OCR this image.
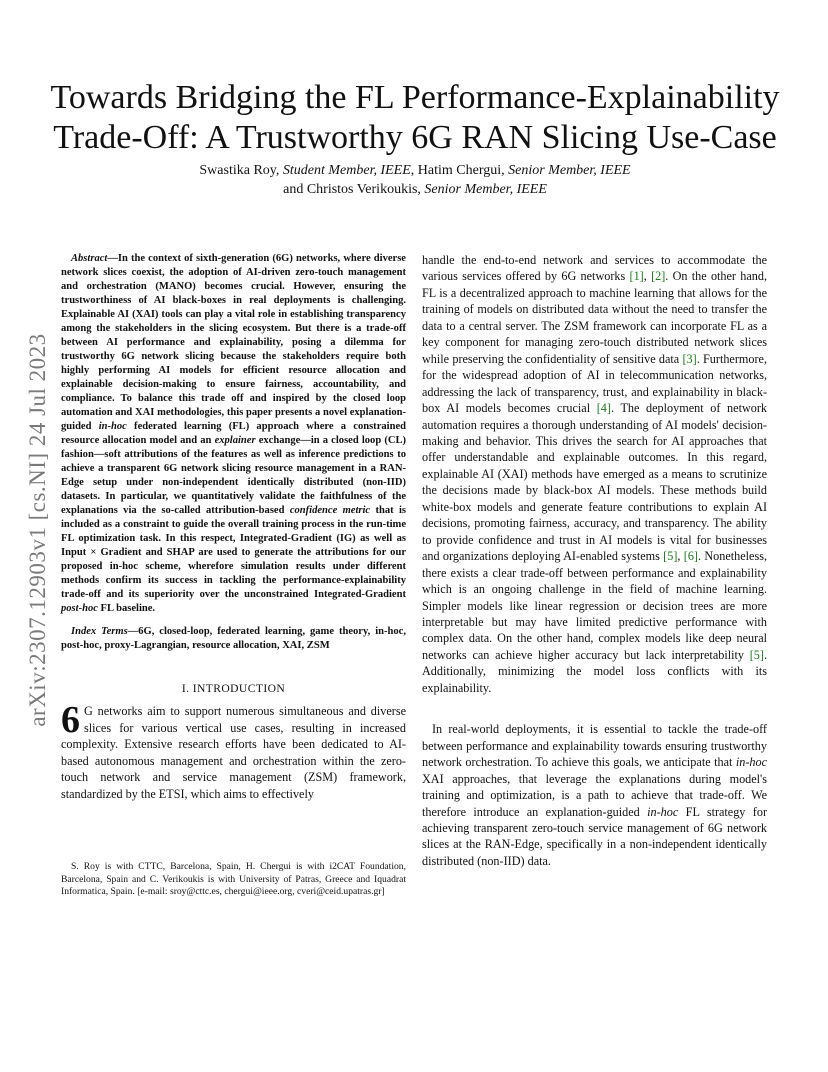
arXiv:2307.12903v1 [cs.NI] 24 Jul 2023
Towards Bridging the FL Performance-Explainability Trade-Off: A Trustworthy 6G RAN Slicing Use-Case
Swastika Roy, Student Member, IEEE, Hatim Chergui, Senior Member, IEEE
and Christos Verikoukis, Senior Member, IEEE

Abstract—In the context of sixth-generation (6G) networks, where diverse network slices coexist, the adoption of AI-driven zero-touch management and orchestration (MANO) becomes crucial. However, ensuring the trustworthiness of AI black-boxes in real deployments is challenging. Explainable AI (XAI) tools can play a vital role in establishing transparency among the stakeholders in the slicing ecosystem. But there is a trade-off between AI performance and explainability, posing a dilemma for trustworthy 6G network slicing because the stakeholders require both highly performing AI models for efficient resource allocation and explainable decision-making to ensure fairness, accountability, and compliance. To balance this trade off and inspired by the closed loop automation and XAI methodologies, this paper presents a novel explanation-guided in-hoc federated learning (FL) approach where a constrained resource allocation model and an explainer exchange—in a closed loop (CL) fashion—soft attributions of the features as well as inference predictions to achieve a transparent 6G network slicing resource management in a RAN-Edge setup under non-independent identically distributed (non-IID) datasets. In particular, we quantitatively validate the faithfulness of the explanations via the so-called attribution-based confidence metric that is included as a constraint to guide the overall training process in the run-time FL optimization task. In this respect, Integrated-Gradient (IG) as well as Input × Gradient and SHAP are used to generate the attributions for our proposed in-hoc scheme, wherefore simulation results under different methods confirm its success in tackling the performance-explainability trade-off and its superiority over the unconstrained Integrated-Gradient post-hoc FL baseline.

Index Terms—6G, closed-loop, federated learning, game theory, in-hoc, post-hoc, proxy-Lagrangian, resource allocation, XAI, ZSM

I. INTRODUCTION

6 G networks aim to support numerous simultaneous and diverse slices for various vertical use cases, resulting in increased complexity. Extensive research efforts have been dedicated to AI-based autonomous management and orchestration within the zero-touch network and service management (ZSM) framework, standardized by the ETSI, which aims to effectively

S. Roy is with CTTC, Barcelona, Spain, H. Chergui is with i2CAT Foundation, Barcelona, Spain and C. Verikoukis is with University of Patras, Greece and Iquadrat Informatica, Spain. [e-mail: sroy@cttc.es, chergui@ieee.org, cveri@ceid.upatras.gr]

handle the end-to-end network and services to accommodate the various services offered by 6G networks [1], [2]. On the other hand, FL is a decentralized approach to machine learning that allows for the training of models on distributed data without the need to transfer the data to a central server. The ZSM framework can incorporate FL as a key component for managing zero-touch distributed network slices while preserving the confidentiality of sensitive data [3]. Furthermore, for the widespread adoption of AI in telecommunication networks, addressing the lack of transparency, trust, and explainability in black-box AI models becomes crucial [4]. The deployment of network automation requires a thorough understanding of AI models' decision-making and behavior. This drives the search for AI approaches that offer understandable and explainable outcomes. In this regard, explainable AI (XAI) methods have emerged as a means to scrutinize the decisions made by black-box AI models. These methods build white-box models and generate feature contributions to explain AI decisions, promoting fairness, accuracy, and transparency. The ability to provide confidence and trust in AI models is vital for businesses and organizations deploying AI-enabled systems [5], [6]. Nonetheless, there exists a clear trade-off between performance and explainability which is an ongoing challenge in the field of machine learning. Simpler models like linear regression or decision trees are more interpretable but may have limited predictive performance with complex data. On the other hand, complex models like deep neural networks can achieve higher accuracy but lack interpretability [5]. Additionally, minimizing the model loss conflicts with its explainability.

In real-world deployments, it is essential to tackle the trade-off between performance and explainability towards ensuring trustworthy network orchestration. To achieve this goals, we anticipate that in-hoc XAI approaches, that leverage the explanations during model's training and optimization, is a path to achieve that trade-off. We therefore introduce an explanation-guided in-hoc FL strategy for achieving transparent zero-touch service management of 6G network slices at the RAN-Edge, specifically in a non-independent identically distributed (non-IID) data.
